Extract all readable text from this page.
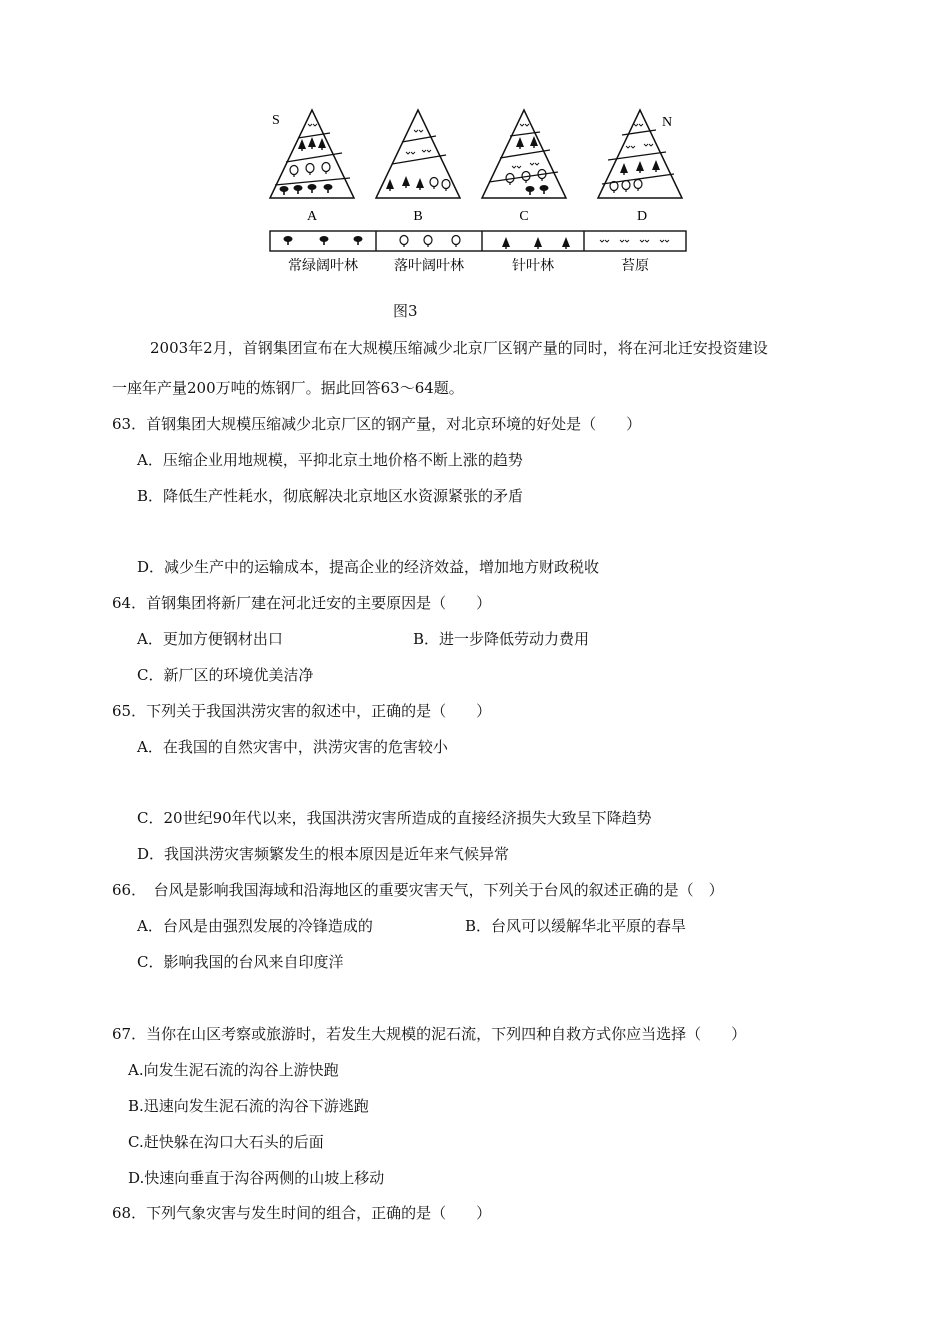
A	B	C	D
S	N
常绿阔叶林	落叶阔叶林	针叶林	苔原
图3
2003年2月，首钢集团宣布在大规模压缩减少北京厂区钢产量的同时，将在河北迁安投资建设
一座年产量200万吨的炼钢厂。据此回答63～64题。
63．首钢集团大规模压缩减少北京厂区的钢产量，对北京环境的好处是（　　）
A．压缩企业用地规模，平抑北京土地价格不断上涨的趋势
B．降低生产性耗水，彻底解决北京地区水资源紧张的矛盾
D．减少生产中的运输成本，提高企业的经济效益，增加地方财政税收
64．首钢集团将新厂建在河北迁安的主要原因是（　　）
A．更加方便钢材出口	B．进一步降低劳动力费用
C．新厂区的环境优美洁净
65．下列关于我国洪涝灾害的叙述中，正确的是（　　）
A．在我国的自然灾害中，洪涝灾害的危害较小
C．20世纪90年代以来，我国洪涝灾害所造成的直接经济损失大致呈下降趋势
D．我国洪涝灾害频繁发生的根本原因是近年来气候异常
66．　台风是影响我国海域和沿海地区的重要灾害天气，下列关于台风的叙述正确的是（　）
A．台风是由强烈发展的冷锋造成的	B．台风可以缓解华北平原的春旱
C．影响我国的台风来自印度洋
67．当你在山区考察或旅游时，若发生大规模的泥石流，下列四种自救方式你应当选择（　　）
A.向发生泥石流的沟谷上游快跑
B.迅速向发生泥石流的沟谷下游逃跑
C.赶快躲在沟口大石头的后面
D.快速向垂直于沟谷两侧的山坡上移动
68．下列气象灾害与发生时间的组合，正确的是（　　）
